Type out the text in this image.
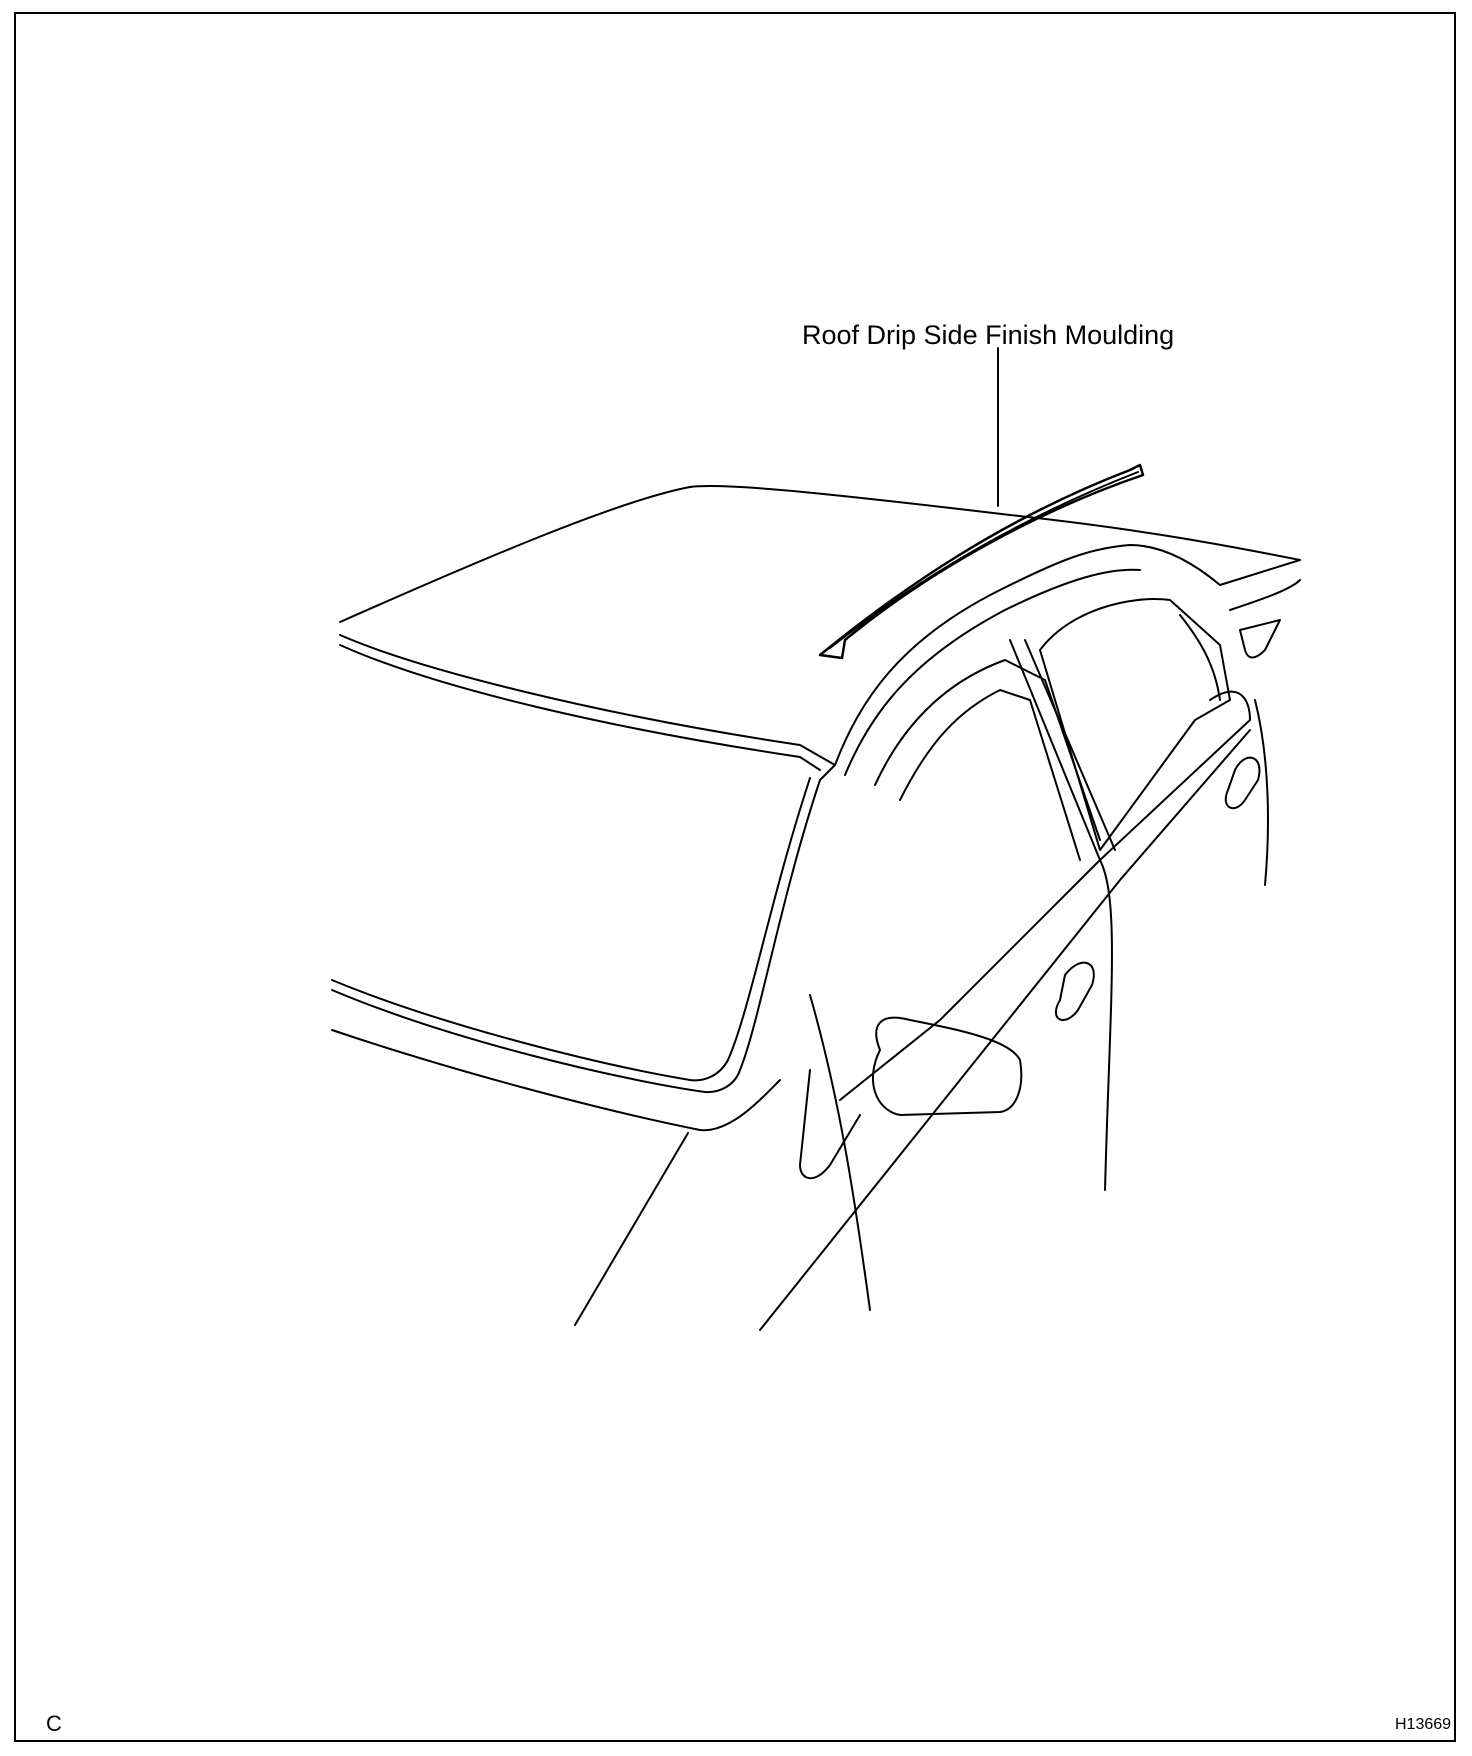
Roof Drip Side Finish Moulding
C	H13669
